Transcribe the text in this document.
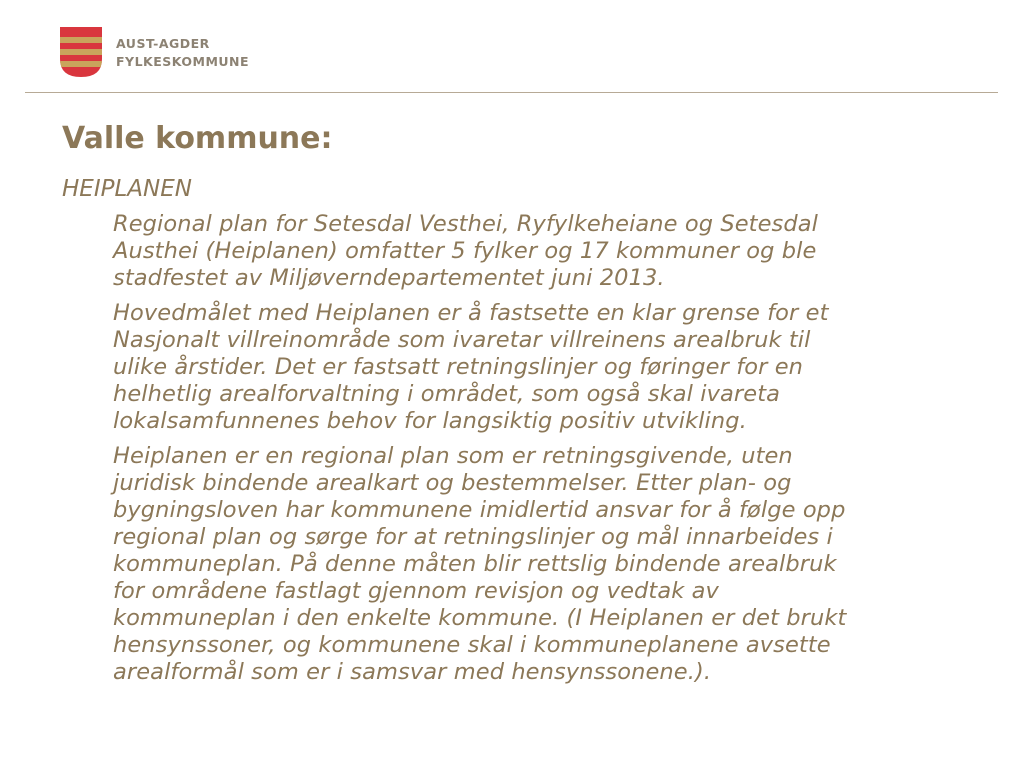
AUST-AGDER
FYLKESKOMMUNE
Valle kommune:
HEIPLANEN

Regional plan for Setesdal Vesthei, Ryfylkeheiane og Setesdal
Austhei (Heiplanen) omfatter 5 fylker og 17 kommuner og ble
stadfestet av Miljøverndepartementet juni 2013.

Hovedmålet med Heiplanen er å fastsette en klar grense for et
Nasjonalt villreinområde som ivaretar villreinens arealbruk til
ulike årstider. Det er fastsatt retningslinjer og føringer for en
helhetlig arealforvaltning i området, som også skal ivareta
lokalsamfunnenes behov for langsiktig positiv utvikling.

Heiplanen er en regional plan som er retningsgivende, uten
juridisk bindende arealkart og bestemmelser. Etter plan- og
bygningsloven har kommunene imidlertid ansvar for å følge opp
regional plan og sørge for at retningslinjer og mål innarbeides i
kommuneplan. På denne måten blir rettslig bindende arealbruk
for områdene fastlagt gjennom revisjon og vedtak av
kommuneplan i den enkelte kommune. (I Heiplanen er det brukt
hensynssoner, og kommunene skal i kommuneplanene avsette
arealformål som er i samsvar med hensynssonene.).
